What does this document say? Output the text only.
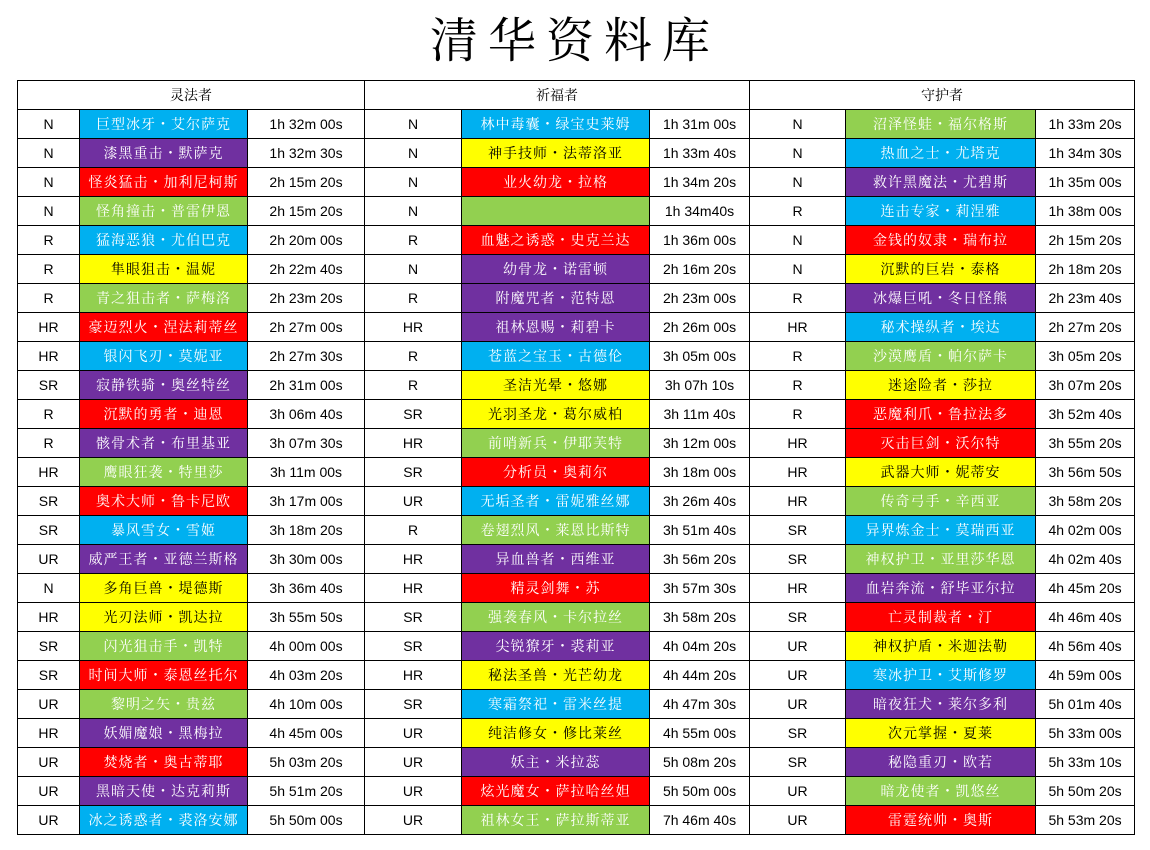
清华资料库
灵法者			祈福者			守护者		
N	巨型冰牙・艾尔萨克	1h 32m 00s	N	林中毒囊・绿宝史莱姆	1h 31m 00s	N	沼泽怪蛙・福尔格斯	1h 33m 20s
N	漆黑重击・默萨克	1h 32m 30s	N	神手技师・法蒂洛亚	1h 33m 40s	N	热血之士・尤塔克	1h 34m 30s
N	怪炎猛击・加利尼柯斯	2h 15m 20s	N	业火幼龙・拉格	1h 34m 20s	N	救许黑魔法・尤碧斯	1h 35m 00s
N	怪角撞击・普雷伊恩	2h 15m 20s	N		1h 34m40s	R	连击专家・莉涅雅	1h 38m 00s
R	猛海恶狼・尤伯巴克	2h 20m 00s	R	血魅之诱惑・史克兰达	1h 36m 00s	N	金钱的奴隶・瑞布拉	2h 15m 20s
R	隼眼狙击・温妮	2h 22m 40s	N	幼骨龙・诺雷顿	2h 16m 20s	N	沉默的巨岩・泰格	2h 18m 20s
R	青之狙击者・萨梅洛	2h 23m 20s	R	附魔咒者・范特恩	2h 23m 00s	R	冰爆巨吼・冬日怪熊	2h 23m 40s
HR	豪迈烈火・涅法莉蒂丝	2h 27m 00s	HR	祖林恩赐・莉碧卡	2h 26m 00s	HR	秘术操纵者・埃达	2h 27m 20s
HR	银闪飞刃・莫妮亚	2h 27m 30s	R	苍蓝之宝玉・古德伦	3h 05m 00s	R	沙漠鹰盾・帕尔萨卡	3h 05m 20s
SR	寂静铁骑・奥丝特丝	2h 31m 00s	R	圣洁光晕・悠娜	3h 07h 10s	R	迷途险者・莎拉	3h 07m 20s
R	沉默的勇者・迪恩	3h 06m 40s	SR	光羽圣龙・葛尔威柏	3h 11m 40s	R	恶魔利爪・鲁拉法多	3h 52m 40s
R	骸骨术者・布里基亚	3h 07m 30s	HR	前哨新兵・伊耶芙特	3h 12m 00s	HR	灭击巨剑・沃尔特	3h 55m 20s
HR	鹰眼狂袭・特里莎	3h 11m 00s	SR	分析员・奥莉尔	3h 18m 00s	HR	武器大师・妮蒂安	3h 56m 50s
SR	奥术大师・鲁卡尼欧	3h 17m 00s	UR	无垢圣者・雷妮雅丝娜	3h 26m 40s	HR	传奇弓手・辛西亚	3h 58m 20s
SR	暴风雪女・雪姬	3h 18m 20s	R	卷翅烈风・莱恩比斯特	3h 51m 40s	SR	异界炼金士・莫瑞西亚	4h 02m 00s
UR	威严王者・亚德兰斯格	3h 30m 00s	HR	异血兽者・西维亚	3h 56m 20s	SR	神权护卫・亚里莎华恩	4h 02m 40s
N	多角巨兽・堤德斯	3h 36m 40s	HR	精灵剑舞・苏	3h 57m 30s	HR	血岩奔流・舒毕亚尔拉	4h 45m 20s
HR	光刃法师・凯达拉	3h 55m 50s	SR	强袭春风・卡尔拉丝	3h 58m 20s	SR	亡灵制裁者・汀	4h 46m 40s
SR	闪光狙击手・凯特	4h 00m 00s	SR	尖锐獠牙・裘莉亚	4h 04m 20s	UR	神权护盾・米迦法勒	4h 56m 40s
SR	时间大师・泰恩丝托尔	4h 03m 20s	HR	秘法圣兽・光芒幼龙	4h 44m 20s	UR	寒冰护卫・艾斯修罗	4h 59m 00s
UR	黎明之矢・贵兹	4h 10m 00s	SR	寒霜祭祀・雷米丝提	4h 47m 30s	UR	暗夜狂犬・莱尔多利	5h 01m 40s
HR	妖媚魔娘・黑梅拉	4h 45m 00s	UR	纯洁修女・修比莱丝	4h 55m 00s	SR	次元掌握・夏莱	5h 33m 00s
UR	焚烧者・奥古蒂耶	5h 03m 20s	UR	妖主・米拉蕊	5h 08m 20s	SR	秘隐重刃・欧若	5h 33m 10s
UR	黑暗天使・达克莉斯	5h 51m 20s	UR	炫光魔女・萨拉哈丝妲	5h 50m 00s	UR	暗龙使者・凯悠丝	5h 50m 20s
UR	冰之诱惑者・裘洛安娜	5h 50m 00s	UR	祖林女王・萨拉斯蒂亚	7h 46m 40s	UR	雷霆统帅・奥斯	5h 53m 20s
